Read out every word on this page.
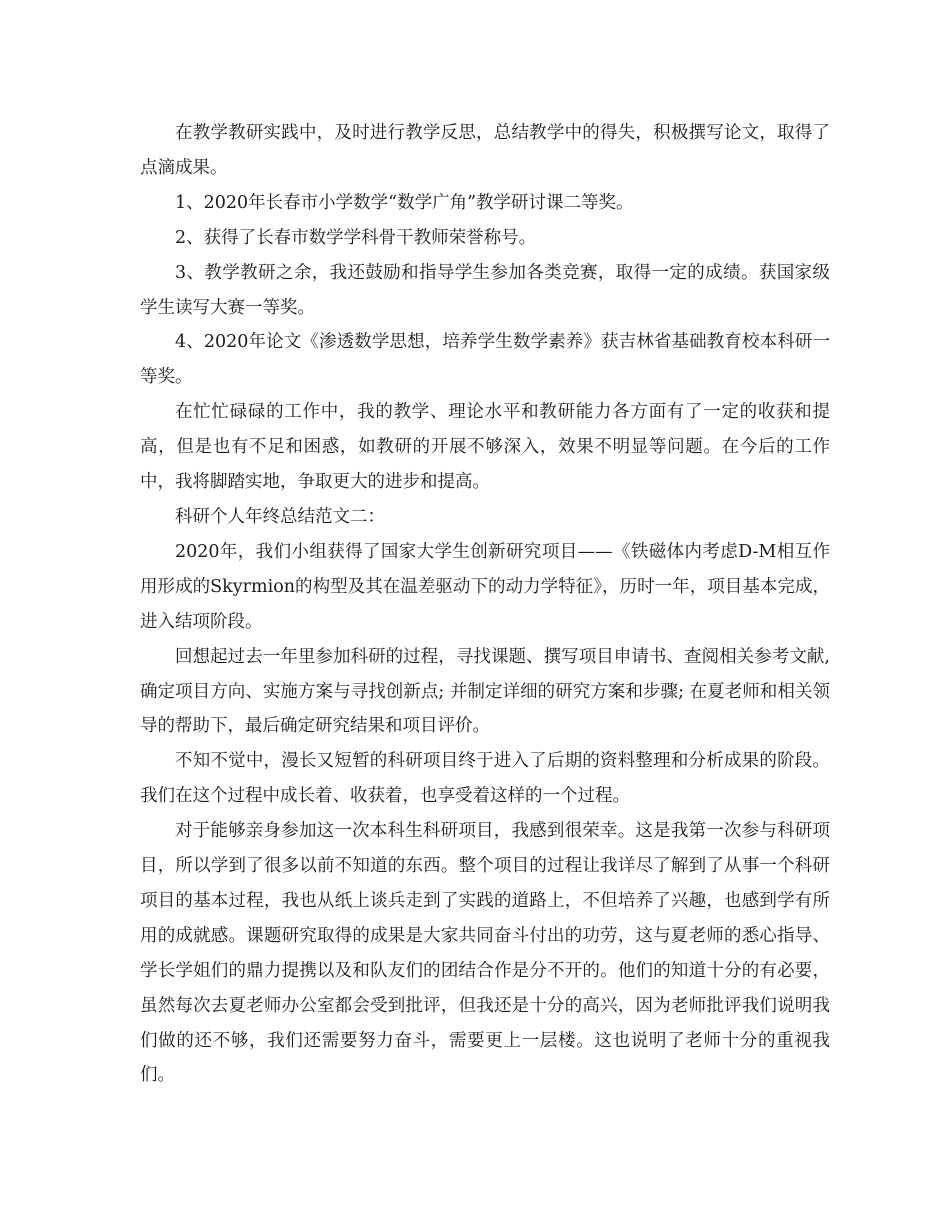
在教学教研实践中，及时进行教学反思，总结教学中的得失，积极撰写论文，取得了点滴成果。

1、2020年长春市小学数学“数学广角”教学研讨课二等奖。

2、获得了长春市数学学科骨干教师荣誉称号。

3、教学教研之余，我还鼓励和指导学生参加各类竞赛，取得一定的成绩。获国家级学生读写大赛一等奖。

4、2020年论文《渗透数学思想，培养学生数学素养》获吉林省基础教育校本科研一等奖。

在忙忙碌碌的工作中，我的教学、理论水平和教研能力各方面有了一定的收获和提高，但是也有不足和困惑，如教研的开展不够深入，效果不明显等问题。在今后的工作中，我将脚踏实地，争取更大的进步和提高。

科研个人年终总结范文二：

2020年，我们小组获得了国家大学生创新研究项目——《铁磁体内考虑D-M相互作用形成的Skyrmion的构型及其在温差驱动下的动力学特征》，历时一年，项目基本完成，进入结项阶段。

回想起过去一年里参加科研的过程，寻找课题、撰写项目申请书、查阅相关参考文献, 确定项目方向、实施方案与寻找创新点; 并制定详细的研究方案和步骤; 在夏老师和相关领导的帮助下，最后确定研究结果和项目评价。

不知不觉中，漫长又短暂的科研项目终于进入了后期的资料整理和分析成果的阶段。我们在这个过程中成长着、收获着，也享受着这样的一个过程。

对于能够亲身参加这一次本科生科研项目，我感到很荣幸。这是我第一次参与科研项目，所以学到了很多以前不知道的东西。整个项目的过程让我详尽了解到了从事一个科研项目的基本过程，我也从纸上谈兵走到了实践的道路上，不但培养了兴趣，也感到学有所用的成就感。课题研究取得的成果是大家共同奋斗付出的功劳，这与夏老师的悉心指导、学长学姐们的鼎力提携以及和队友们的团结合作是分不开的。他们的知道十分的有必要，虽然每次去夏老师办公室都会受到批评，但我还是十分的高兴，因为老师批评我们说明我们做的还不够，我们还需要努力奋斗，需要更上一层楼。这也说明了老师十分的重视我们。
